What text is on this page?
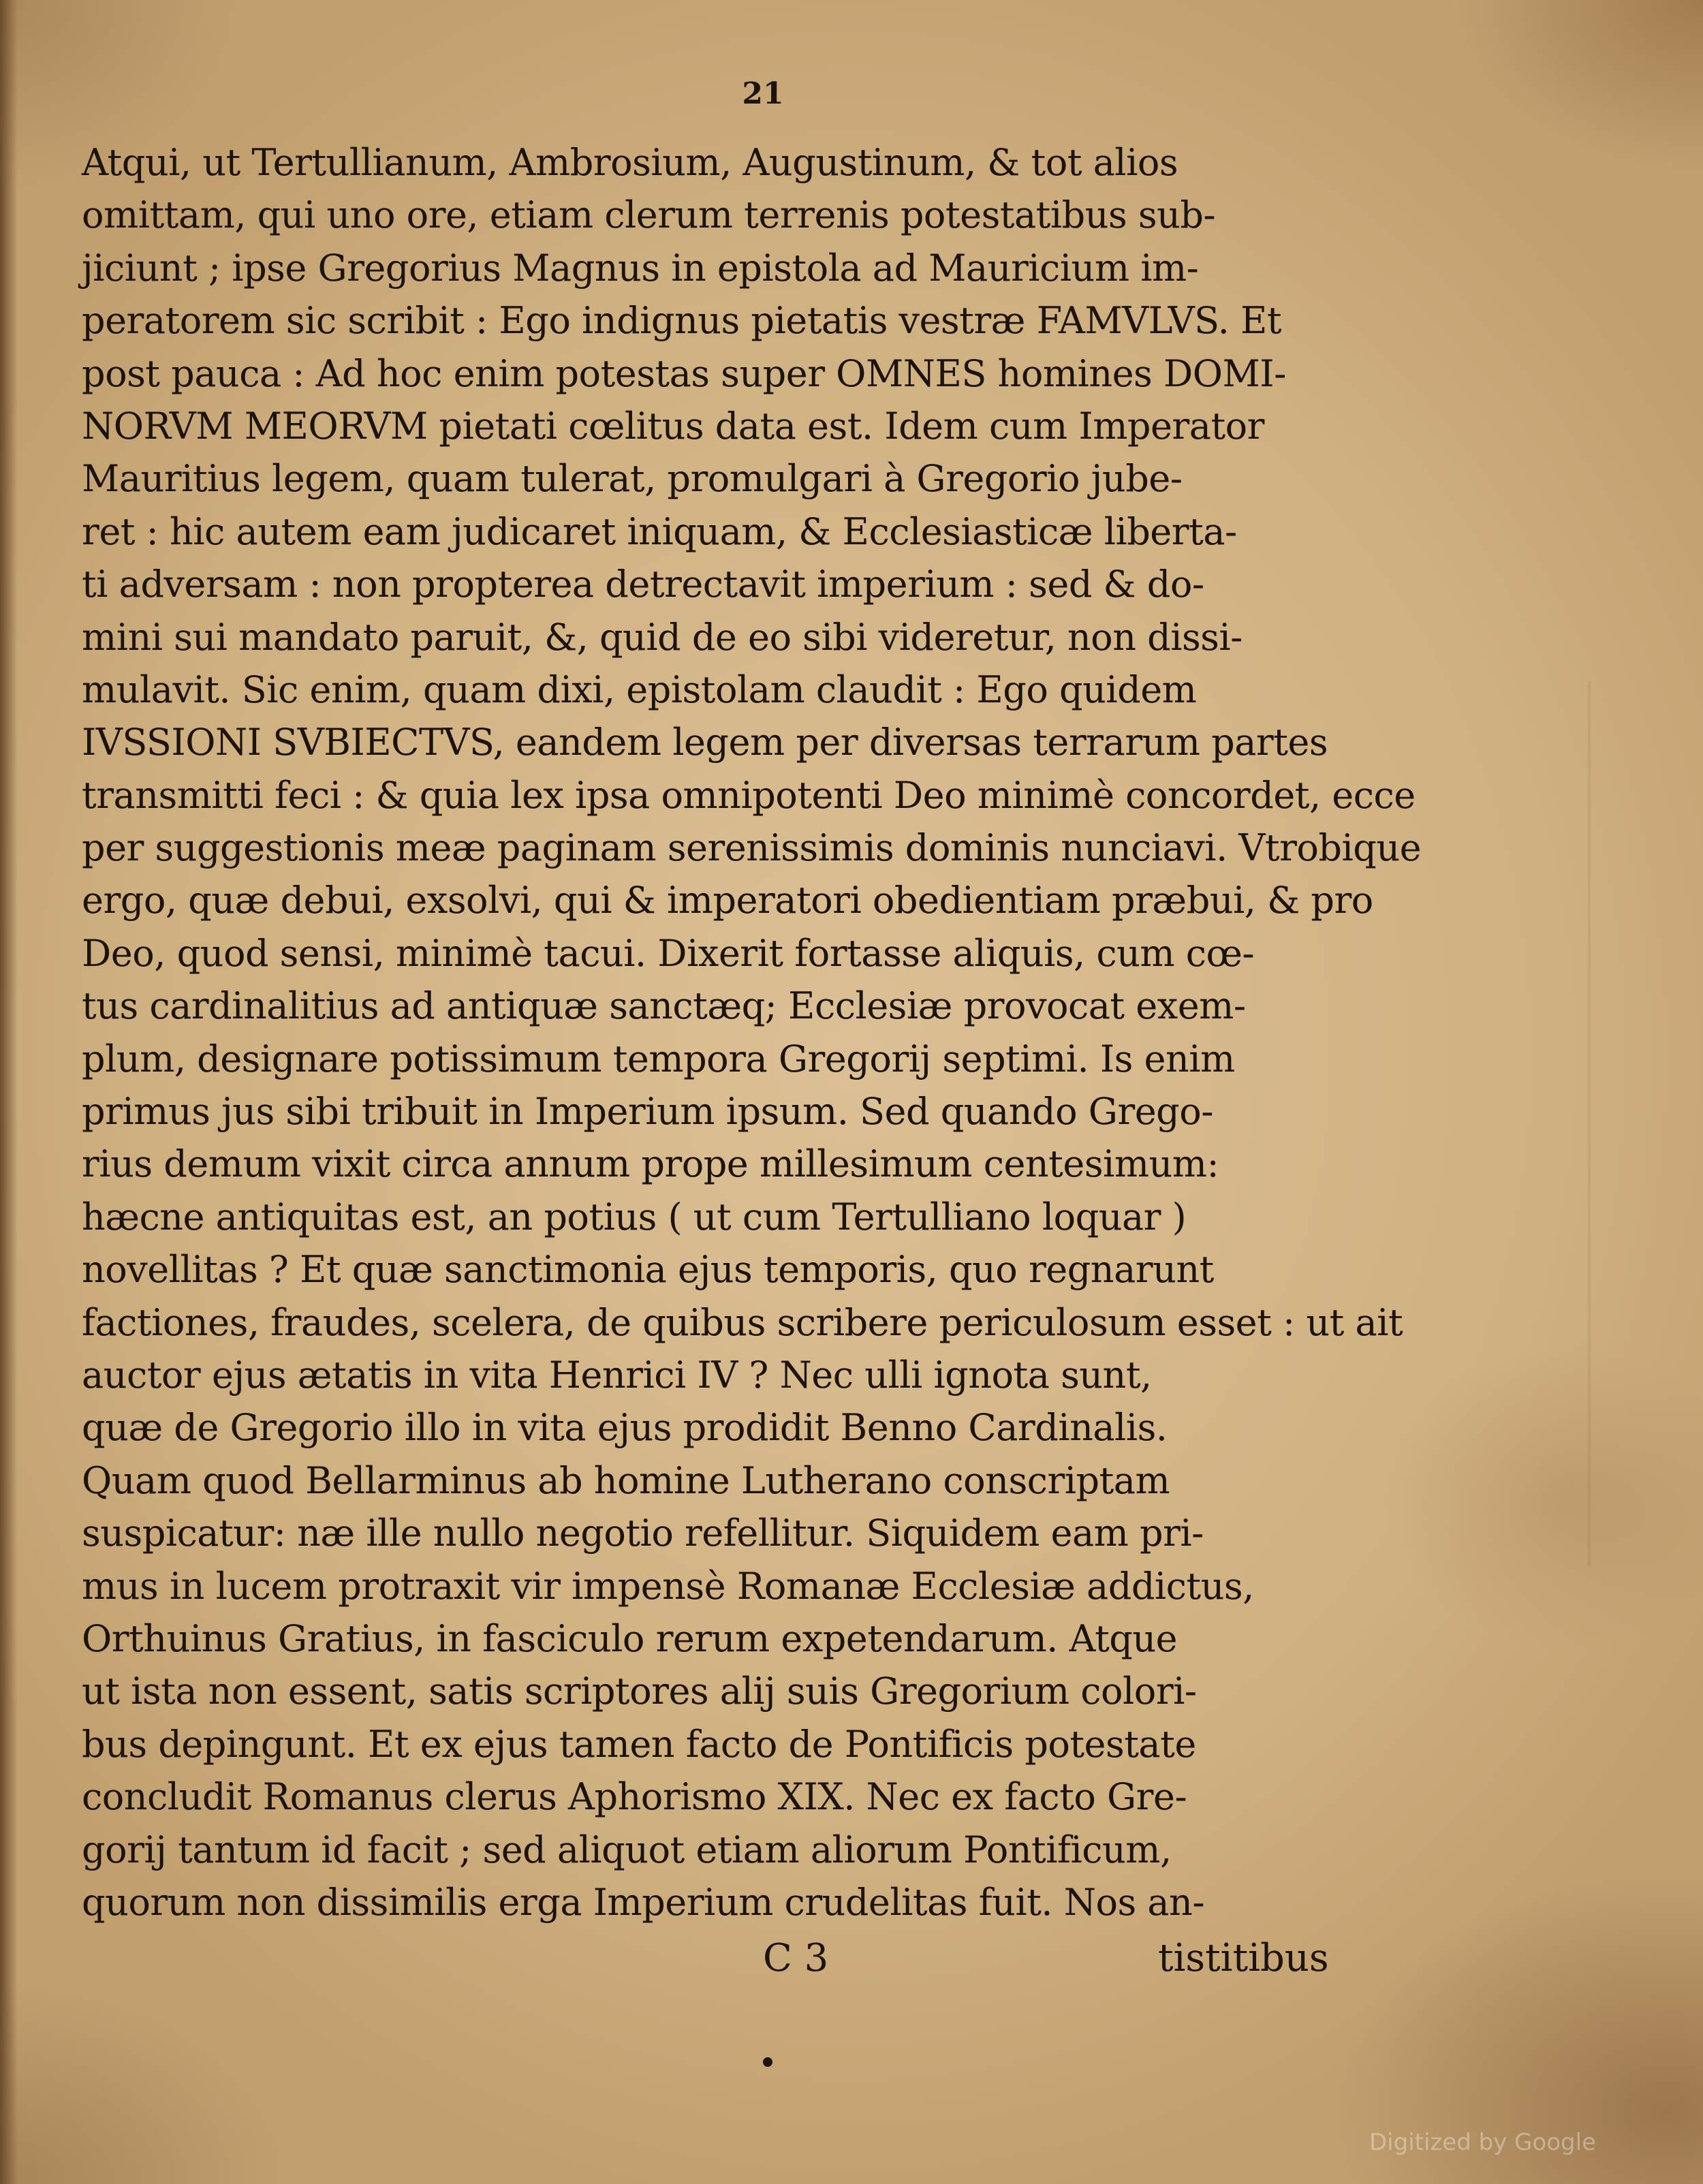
21
Atqui, ut Tertullianum, Ambrosium, Augustinum, & tot alios
omittam, qui uno ore, etiam clerum terrenis potestatibus sub-
jiciunt ; ipse Gregorius Magnus in epistola ad Mauricium im-
peratorem sic scribit : Ego indignus pietatis vestræ FAMVLVS. Et
post pauca : Ad hoc enim potestas super OMNES homines DOMI-
NORVM MEORVM pietati cœlitus data est. Idem cum Imperator
Mauritius legem, quam tulerat, promulgari à Gregorio jube-
ret : hic autem eam judicaret iniquam, & Ecclesiasticæ liberta-
ti adversam : non propterea detrectavit imperium : sed & do-
mini sui mandato paruit, &, quid de eo sibi videretur, non dissi-
mulavit. Sic enim, quam dixi, epistolam claudit : Ego quidem
IVSSIONI SVBIECTVS, eandem legem per diversas terrarum partes
transmitti feci : & quia lex ipsa omnipotenti Deo minimè concordet, ecce
per suggestionis meæ paginam serenissimis dominis nunciavi. Vtrobique
ergo, quæ debui, exsolvi, qui & imperatori obedientiam præbui, & pro
Deo, quod sensi, minimè tacui. Dixerit fortasse aliquis, cum cœ-
tus cardinalitius ad antiquæ sanctæq; Ecclesiæ provocat exem-
plum, designare potissimum tempora Gregorij septimi. Is enim
primus jus sibi tribuit in Imperium ipsum. Sed quando Grego-
rius demum vixit circa annum prope millesimum centesimum:
hæcne antiquitas est, an potius ( ut cum Tertulliano loquar )
novellitas ? Et quæ sanctimonia ejus temporis, quo regnarunt
factiones, fraudes, scelera, de quibus scribere periculosum esset : ut ait
auctor ejus ætatis in vita Henrici IV ? Nec ulli ignota sunt,
quæ de Gregorio illo in vita ejus prodidit Benno Cardinalis.
Quam quod Bellarminus ab homine Lutherano conscriptam
suspicatur: næ ille nullo negotio refellitur. Siquidem eam pri-
mus in lucem protraxit vir impensè Romanæ Ecclesiæ addictus,
Orthuinus Gratius, in fasciculo rerum expetendarum. Atque
ut ista non essent, satis scriptores alij suis Gregorium colori-
bus depingunt. Et ex ejus tamen facto de Pontificis potestate
concludit Romanus clerus Aphorismo XIX. Nec ex facto Gre-
gorij tantum id facit ; sed aliquot etiam aliorum Pontificum,
quorum non dissimilis erga Imperium crudelitas fuit. Nos an-
C 3	tistitibus
Digitized by Google
